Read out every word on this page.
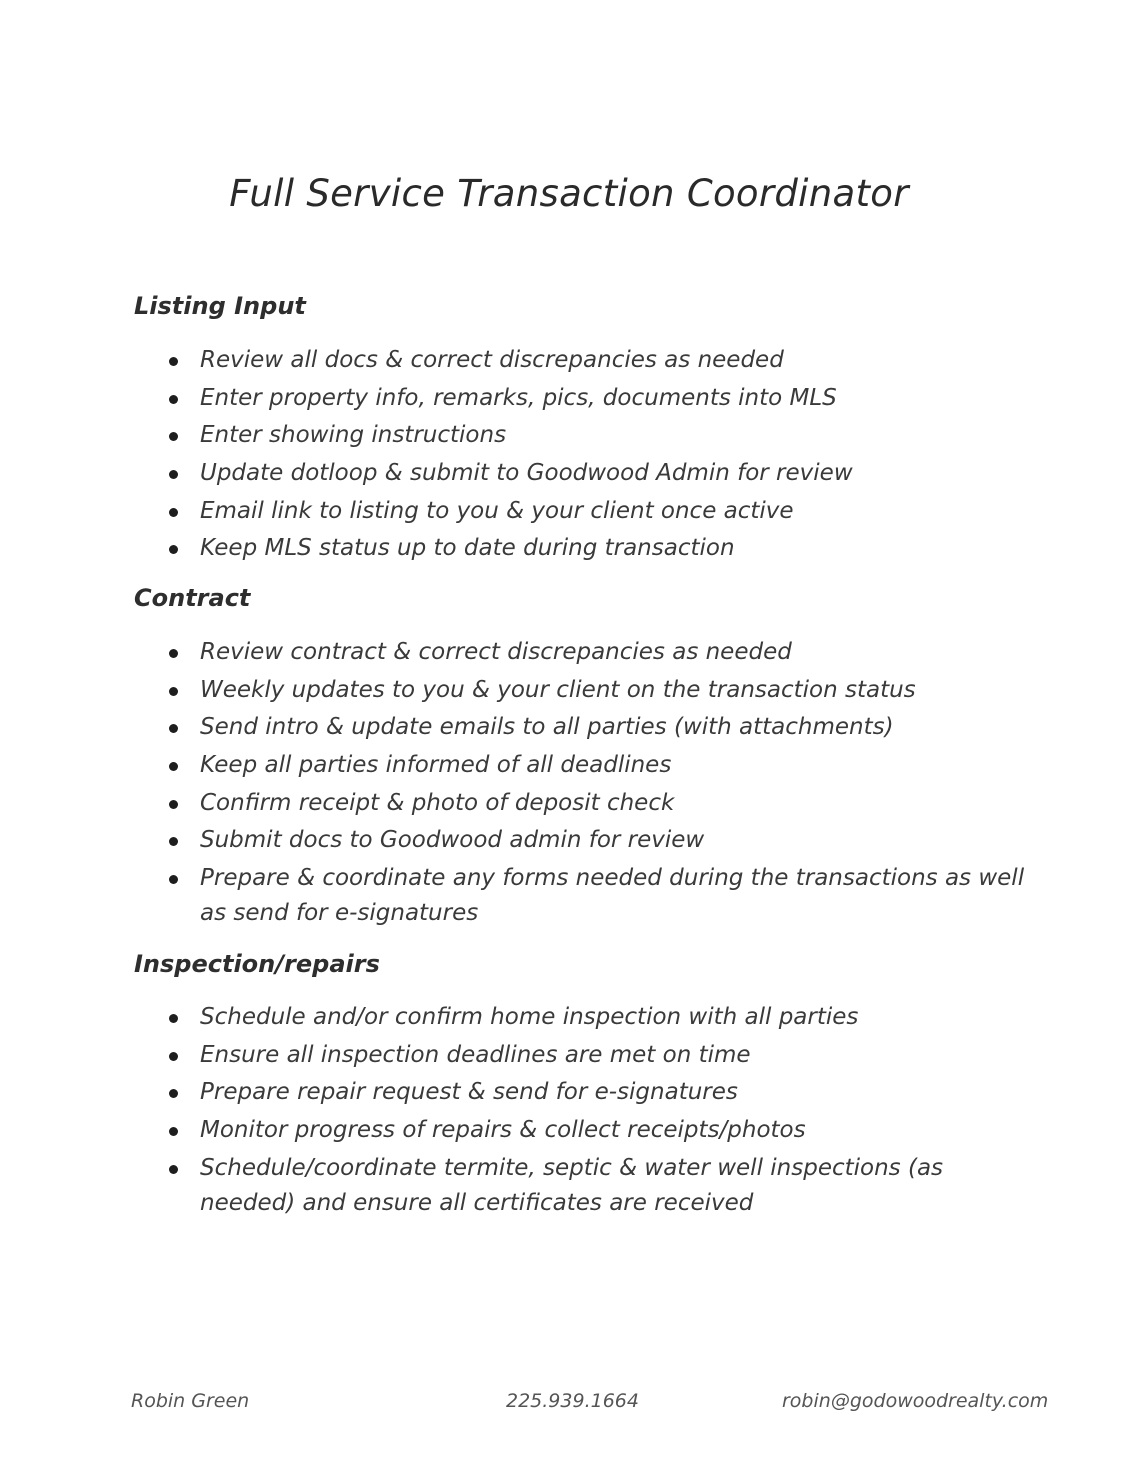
Full Service Transaction Coordinator
Listing Input
Review all docs & correct discrepancies as needed
Enter property info, remarks, pics, documents into MLS
Enter showing instructions
Update dotloop & submit to Goodwood Admin for review
Email link to listing to you & your client once active
Keep MLS status up to date during transaction
Contract
Review contract & correct discrepancies as needed
Weekly updates to you & your client on the transaction status
Send intro & update emails to all parties (with attachments)
Keep all parties informed of all deadlines
Confirm receipt & photo of deposit check
Submit docs to Goodwood admin for review
Prepare & coordinate any forms needed during the transactions as well as send for e-signatures
Inspection/repairs
Schedule and/or confirm home inspection with all parties
Ensure all inspection deadlines are met on time
Prepare repair request & send for e-signatures
Monitor progress of repairs & collect receipts/photos
Schedule/coordinate termite, septic & water well inspections (as needed) and ensure all certificates are received
Robin Green	225.939.1664	robin@godowoodrealty.com
